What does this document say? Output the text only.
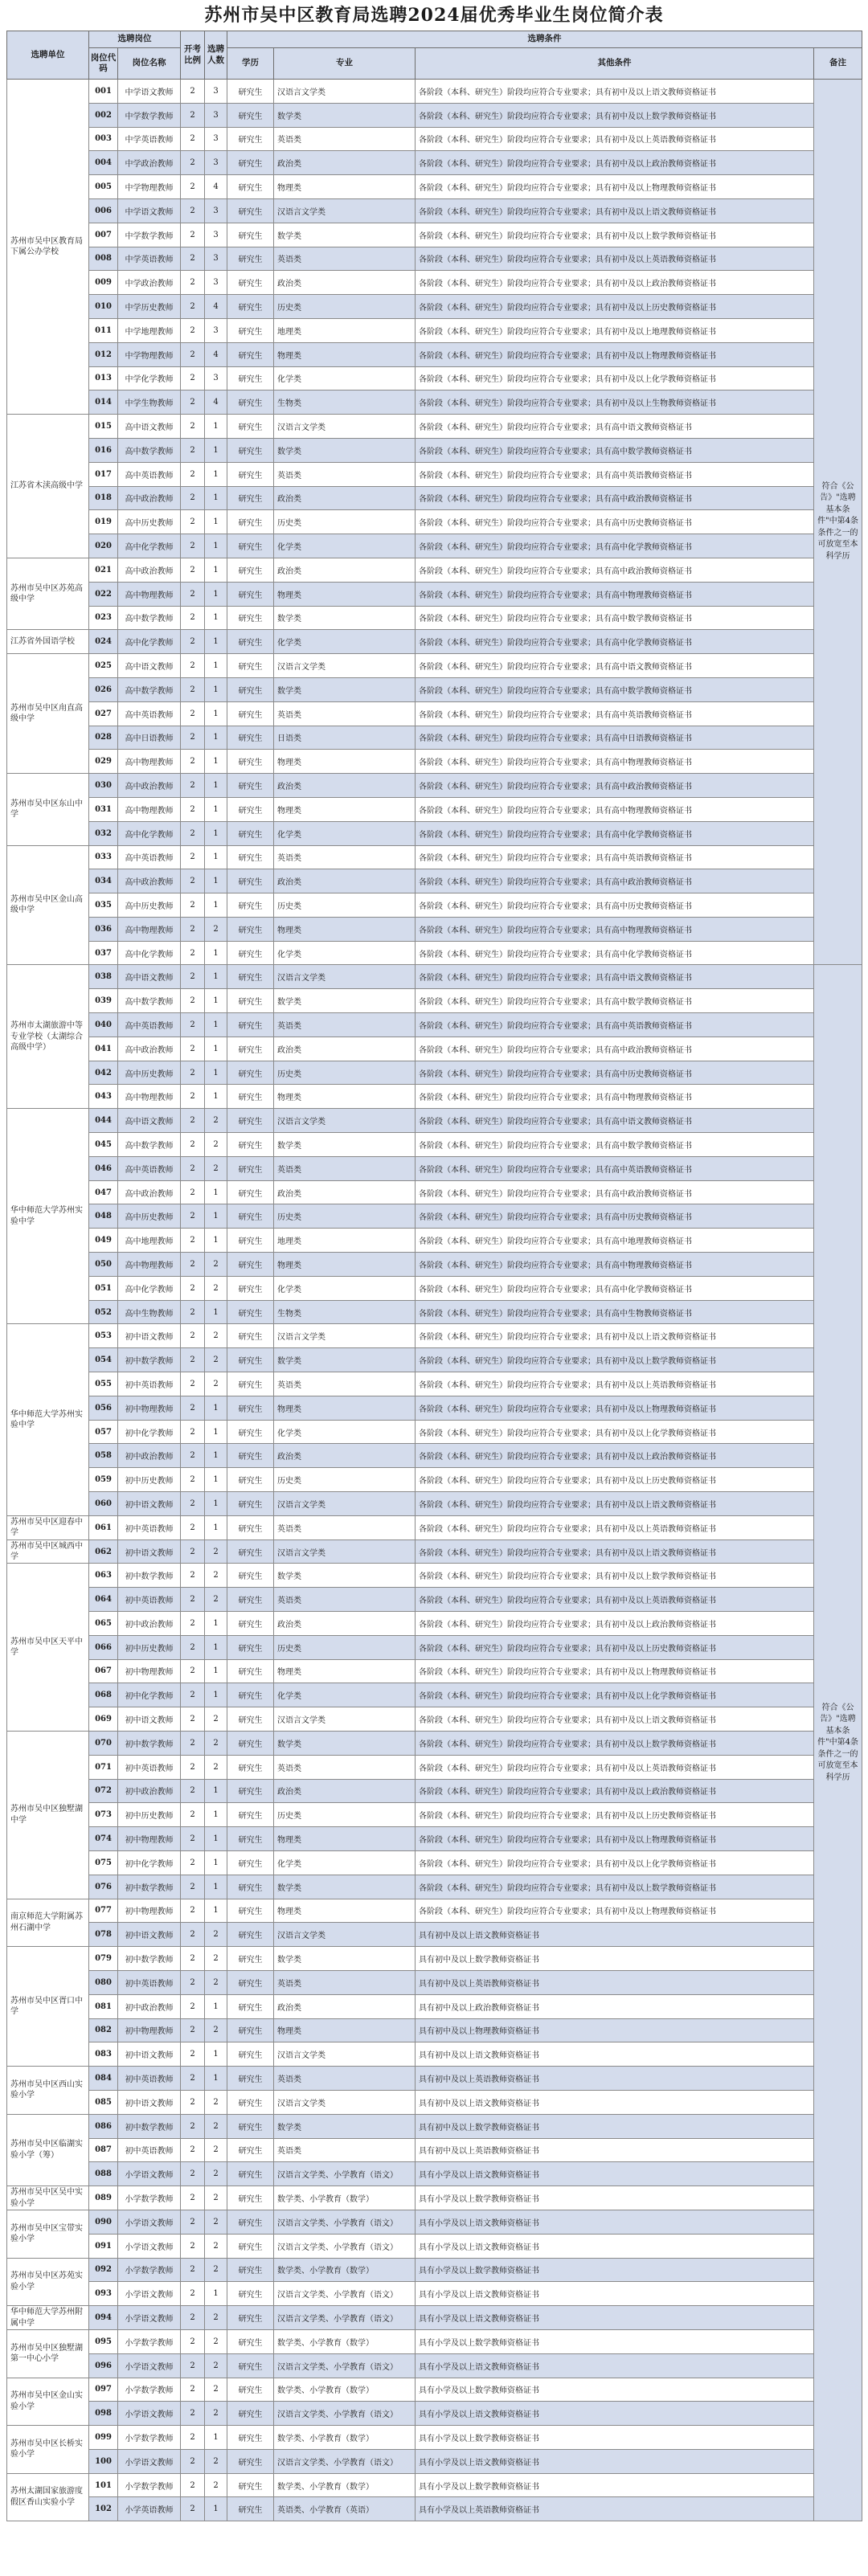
苏州市吴中区教育局选聘2024届优秀毕业生岗位简介表
选聘单位	选聘岗位		开考比例	选聘人数	选聘条件			
	岗位代码	岗位名称			学历	专业	其他条件	备注
苏州市吴中区教育局下属公办学校	001	中学语文教师	2	3	研究生	汉语言文学类	各阶段（本科、研究生）阶段均应符合专业要求；具有初中及以上语文教师资格证书	符合《公告》"选聘基本条件"中第4条条件之一的可放宽至本科学历
	002	中学数学教师	2	3	研究生	数学类	各阶段（本科、研究生）阶段均应符合专业要求；具有初中及以上数学教师资格证书	
	003	中学英语教师	2	3	研究生	英语类	各阶段（本科、研究生）阶段均应符合专业要求；具有初中及以上英语教师资格证书	
	004	中学政治教师	2	3	研究生	政治类	各阶段（本科、研究生）阶段均应符合专业要求；具有初中及以上政治教师资格证书	
	005	中学物理教师	2	4	研究生	物理类	各阶段（本科、研究生）阶段均应符合专业要求；具有初中及以上物理教师资格证书	
	006	中学语文教师	2	3	研究生	汉语言文学类	各阶段（本科、研究生）阶段均应符合专业要求；具有初中及以上语文教师资格证书	
	007	中学数学教师	2	3	研究生	数学类	各阶段（本科、研究生）阶段均应符合专业要求；具有初中及以上数学教师资格证书	
	008	中学英语教师	2	3	研究生	英语类	各阶段（本科、研究生）阶段均应符合专业要求；具有初中及以上英语教师资格证书	
	009	中学政治教师	2	3	研究生	政治类	各阶段（本科、研究生）阶段均应符合专业要求；具有初中及以上政治教师资格证书	
	010	中学历史教师	2	4	研究生	历史类	各阶段（本科、研究生）阶段均应符合专业要求；具有初中及以上历史教师资格证书	
	011	中学地理教师	2	3	研究生	地理类	各阶段（本科、研究生）阶段均应符合专业要求；具有初中及以上地理教师资格证书	
	012	中学物理教师	2	4	研究生	物理类	各阶段（本科、研究生）阶段均应符合专业要求；具有初中及以上物理教师资格证书	
	013	中学化学教师	2	3	研究生	化学类	各阶段（本科、研究生）阶段均应符合专业要求；具有初中及以上化学教师资格证书	
	014	中学生物教师	2	4	研究生	生物类	各阶段（本科、研究生）阶段均应符合专业要求；具有初中及以上生物教师资格证书	
江苏省木渎高级中学	015	高中语文教师	2	1	研究生	汉语言文学类	各阶段（本科、研究生）阶段均应符合专业要求；具有高中语文教师资格证书	
	016	高中数学教师	2	1	研究生	数学类	各阶段（本科、研究生）阶段均应符合专业要求；具有高中数学教师资格证书	
	017	高中英语教师	2	1	研究生	英语类	各阶段（本科、研究生）阶段均应符合专业要求；具有高中英语教师资格证书	
	018	高中政治教师	2	1	研究生	政治类	各阶段（本科、研究生）阶段均应符合专业要求；具有高中政治教师资格证书	
	019	高中历史教师	2	1	研究生	历史类	各阶段（本科、研究生）阶段均应符合专业要求；具有高中历史教师资格证书	
	020	高中化学教师	2	1	研究生	化学类	各阶段（本科、研究生）阶段均应符合专业要求；具有高中化学教师资格证书	
苏州市吴中区苏苑高级中学	021	高中政治教师	2	1	研究生	政治类	各阶段（本科、研究生）阶段均应符合专业要求；具有高中政治教师资格证书	
	022	高中物理教师	2	1	研究生	物理类	各阶段（本科、研究生）阶段均应符合专业要求；具有高中物理教师资格证书	
	023	高中数学教师	2	1	研究生	数学类	各阶段（本科、研究生）阶段均应符合专业要求；具有高中数学教师资格证书	
江苏省外国语学校	024	高中化学教师	2	1	研究生	化学类	各阶段（本科、研究生）阶段均应符合专业要求；具有高中化学教师资格证书	
苏州市吴中区甪直高级中学	025	高中语文教师	2	1	研究生	汉语言文学类	各阶段（本科、研究生）阶段均应符合专业要求；具有高中语文教师资格证书	
	026	高中数学教师	2	1	研究生	数学类	各阶段（本科、研究生）阶段均应符合专业要求；具有高中数学教师资格证书	
	027	高中英语教师	2	1	研究生	英语类	各阶段（本科、研究生）阶段均应符合专业要求；具有高中英语教师资格证书	
	028	高中日语教师	2	1	研究生	日语类	各阶段（本科、研究生）阶段均应符合专业要求；具有高中日语教师资格证书	
	029	高中物理教师	2	1	研究生	物理类	各阶段（本科、研究生）阶段均应符合专业要求；具有高中物理教师资格证书	
苏州市吴中区东山中学	030	高中政治教师	2	1	研究生	政治类	各阶段（本科、研究生）阶段均应符合专业要求；具有高中政治教师资格证书	
	031	高中物理教师	2	1	研究生	物理类	各阶段（本科、研究生）阶段均应符合专业要求；具有高中物理教师资格证书	
	032	高中化学教师	2	1	研究生	化学类	各阶段（本科、研究生）阶段均应符合专业要求；具有高中化学教师资格证书	
苏州市吴中区金山高级中学	033	高中英语教师	2	1	研究生	英语类	各阶段（本科、研究生）阶段均应符合专业要求；具有高中英语教师资格证书	
	034	高中政治教师	2	1	研究生	政治类	各阶段（本科、研究生）阶段均应符合专业要求；具有高中政治教师资格证书	
	035	高中历史教师	2	1	研究生	历史类	各阶段（本科、研究生）阶段均应符合专业要求；具有高中历史教师资格证书	
	036	高中物理教师	2	2	研究生	物理类	各阶段（本科、研究生）阶段均应符合专业要求；具有高中物理教师资格证书	
	037	高中化学教师	2	1	研究生	化学类	各阶段（本科、研究生）阶段均应符合专业要求；具有高中化学教师资格证书	
苏州市太湖旅游中等专业学校（太湖综合高级中学）	038	高中语文教师	2	1	研究生	汉语言文学类	各阶段（本科、研究生）阶段均应符合专业要求；具有高中语文教师资格证书	符合《公告》"选聘基本条件"中第4条条件之一的可放宽至本科学历
	039	高中数学教师	2	1	研究生	数学类	各阶段（本科、研究生）阶段均应符合专业要求；具有高中数学教师资格证书	
	040	高中英语教师	2	1	研究生	英语类	各阶段（本科、研究生）阶段均应符合专业要求；具有高中英语教师资格证书	
	041	高中政治教师	2	1	研究生	政治类	各阶段（本科、研究生）阶段均应符合专业要求；具有高中政治教师资格证书	
	042	高中历史教师	2	1	研究生	历史类	各阶段（本科、研究生）阶段均应符合专业要求；具有高中历史教师资格证书	
	043	高中物理教师	2	1	研究生	物理类	各阶段（本科、研究生）阶段均应符合专业要求；具有高中物理教师资格证书	
华中师范大学苏州实验中学	044	高中语文教师	2	2	研究生	汉语言文学类	各阶段（本科、研究生）阶段均应符合专业要求；具有高中语文教师资格证书	
	045	高中数学教师	2	2	研究生	数学类	各阶段（本科、研究生）阶段均应符合专业要求；具有高中数学教师资格证书	
	046	高中英语教师	2	2	研究生	英语类	各阶段（本科、研究生）阶段均应符合专业要求；具有高中英语教师资格证书	
	047	高中政治教师	2	1	研究生	政治类	各阶段（本科、研究生）阶段均应符合专业要求；具有高中政治教师资格证书	
	048	高中历史教师	2	1	研究生	历史类	各阶段（本科、研究生）阶段均应符合专业要求；具有高中历史教师资格证书	
	049	高中地理教师	2	1	研究生	地理类	各阶段（本科、研究生）阶段均应符合专业要求；具有高中地理教师资格证书	
	050	高中物理教师	2	2	研究生	物理类	各阶段（本科、研究生）阶段均应符合专业要求；具有高中物理教师资格证书	
	051	高中化学教师	2	2	研究生	化学类	各阶段（本科、研究生）阶段均应符合专业要求；具有高中化学教师资格证书	
	052	高中生物教师	2	1	研究生	生物类	各阶段（本科、研究生）阶段均应符合专业要求；具有高中生物教师资格证书	
华中师范大学苏州实验中学	053	初中语文教师	2	2	研究生	汉语言文学类	各阶段（本科、研究生）阶段均应符合专业要求；具有初中及以上语文教师资格证书	
	054	初中数学教师	2	2	研究生	数学类	各阶段（本科、研究生）阶段均应符合专业要求；具有初中及以上数学教师资格证书	
	055	初中英语教师	2	2	研究生	英语类	各阶段（本科、研究生）阶段均应符合专业要求；具有初中及以上英语教师资格证书	
	056	初中物理教师	2	1	研究生	物理类	各阶段（本科、研究生）阶段均应符合专业要求；具有初中及以上物理教师资格证书	
	057	初中化学教师	2	1	研究生	化学类	各阶段（本科、研究生）阶段均应符合专业要求；具有初中及以上化学教师资格证书	
	058	初中政治教师	2	1	研究生	政治类	各阶段（本科、研究生）阶段均应符合专业要求；具有初中及以上政治教师资格证书	
	059	初中历史教师	2	1	研究生	历史类	各阶段（本科、研究生）阶段均应符合专业要求；具有初中及以上历史教师资格证书	
	060	初中语文教师	2	1	研究生	汉语言文学类	各阶段（本科、研究生）阶段均应符合专业要求；具有初中及以上语文教师资格证书	
苏州市吴中区迎春中学	061	初中英语教师	2	1	研究生	英语类	各阶段（本科、研究生）阶段均应符合专业要求；具有初中及以上英语教师资格证书	
苏州市吴中区城西中学	062	初中语文教师	2	2	研究生	汉语言文学类	各阶段（本科、研究生）阶段均应符合专业要求；具有初中及以上语文教师资格证书	
苏州市吴中区天平中学	063	初中数学教师	2	2	研究生	数学类	各阶段（本科、研究生）阶段均应符合专业要求；具有初中及以上数学教师资格证书	
	064	初中英语教师	2	2	研究生	英语类	各阶段（本科、研究生）阶段均应符合专业要求；具有初中及以上英语教师资格证书	
	065	初中政治教师	2	1	研究生	政治类	各阶段（本科、研究生）阶段均应符合专业要求；具有初中及以上政治教师资格证书	
	066	初中历史教师	2	1	研究生	历史类	各阶段（本科、研究生）阶段均应符合专业要求；具有初中及以上历史教师资格证书	
	067	初中物理教师	2	1	研究生	物理类	各阶段（本科、研究生）阶段均应符合专业要求；具有初中及以上物理教师资格证书	
	068	初中化学教师	2	1	研究生	化学类	各阶段（本科、研究生）阶段均应符合专业要求；具有初中及以上化学教师资格证书	
	069	初中语文教师	2	2	研究生	汉语言文学类	各阶段（本科、研究生）阶段均应符合专业要求；具有初中及以上语文教师资格证书	
苏州市吴中区独墅湖中学	070	初中数学教师	2	2	研究生	数学类	各阶段（本科、研究生）阶段均应符合专业要求；具有初中及以上数学教师资格证书	
	071	初中英语教师	2	2	研究生	英语类	各阶段（本科、研究生）阶段均应符合专业要求；具有初中及以上英语教师资格证书	
	072	初中政治教师	2	1	研究生	政治类	各阶段（本科、研究生）阶段均应符合专业要求；具有初中及以上政治教师资格证书	
	073	初中历史教师	2	1	研究生	历史类	各阶段（本科、研究生）阶段均应符合专业要求；具有初中及以上历史教师资格证书	
	074	初中物理教师	2	1	研究生	物理类	各阶段（本科、研究生）阶段均应符合专业要求；具有初中及以上物理教师资格证书	
	075	初中化学教师	2	1	研究生	化学类	各阶段（本科、研究生）阶段均应符合专业要求；具有初中及以上化学教师资格证书	
	076	初中数学教师	2	1	研究生	数学类	各阶段（本科、研究生）阶段均应符合专业要求；具有初中及以上数学教师资格证书	
南京师范大学附属苏州石湖中学	077	初中物理教师	2	1	研究生	物理类	各阶段（本科、研究生）阶段均应符合专业要求；具有初中及以上物理教师资格证书	
	078	初中语文教师	2	2	研究生	汉语言文学类	具有初中及以上语文教师资格证书	
苏州市吴中区胥口中学	079	初中数学教师	2	2	研究生	数学类	具有初中及以上数学教师资格证书	
	080	初中英语教师	2	2	研究生	英语类	具有初中及以上英语教师资格证书	
	081	初中政治教师	2	1	研究生	政治类	具有初中及以上政治教师资格证书	
	082	初中物理教师	2	2	研究生	物理类	具有初中及以上物理教师资格证书	
	083	初中语文教师	2	1	研究生	汉语言文学类	具有初中及以上语文教师资格证书	
苏州市吴中区西山实验小学	084	初中英语教师	2	1	研究生	英语类	具有初中及以上英语教师资格证书	
	085	初中语文教师	2	2	研究生	汉语言文学类	具有初中及以上语文教师资格证书	
苏州市吴中区临湖实验小学（筹）	086	初中数学教师	2	2	研究生	数学类	具有初中及以上数学教师资格证书	
	087	初中英语教师	2	2	研究生	英语类	具有初中及以上英语教师资格证书	
	088	小学语文教师	2	2	研究生	汉语言文学类、小学教育（语文）	具有小学及以上语文教师资格证书	
苏州市吴中区吴中实验小学	089	小学数学教师	2	2	研究生	数学类、小学教育（数学）	具有小学及以上数学教师资格证书	
苏州市吴中区宝带实验小学	090	小学语文教师	2	2	研究生	汉语言文学类、小学教育（语文）	具有小学及以上语文教师资格证书	
	091	小学语文教师	2	2	研究生	汉语言文学类、小学教育（语文）	具有小学及以上语文教师资格证书	
苏州市吴中区苏苑实验小学	092	小学数学教师	2	2	研究生	数学类、小学教育（数学）	具有小学及以上数学教师资格证书	
	093	小学语文教师	2	1	研究生	汉语言文学类、小学教育（语文）	具有小学及以上语文教师资格证书	
华中师范大学苏州附属中学	094	小学语文教师	2	2	研究生	汉语言文学类、小学教育（语文）	具有小学及以上语文教师资格证书	
苏州市吴中区独墅湖第一中心小学	095	小学数学教师	2	2	研究生	数学类、小学教育（数学）	具有小学及以上数学教师资格证书	
	096	小学语文教师	2	2	研究生	汉语言文学类、小学教育（语文）	具有小学及以上语文教师资格证书	
苏州市吴中区金山实验小学	097	小学数学教师	2	2	研究生	数学类、小学教育（数学）	具有小学及以上数学教师资格证书	
	098	小学语文教师	2	2	研究生	汉语言文学类、小学教育（语文）	具有小学及以上语文教师资格证书	
苏州市吴中区长桥实验小学	099	小学数学教师	2	1	研究生	数学类、小学教育（数学）	具有小学及以上数学教师资格证书	
	100	小学语文教师	2	2	研究生	汉语言文学类、小学教育（语文）	具有小学及以上语文教师资格证书	
苏州太湖国家旅游度假区香山实验小学	101	小学数学教师	2	2	研究生	数学类、小学教育（数学）	具有小学及以上数学教师资格证书	
	102	小学英语教师	2	1	研究生	英语类、小学教育（英语）	具有小学及以上英语教师资格证书	
